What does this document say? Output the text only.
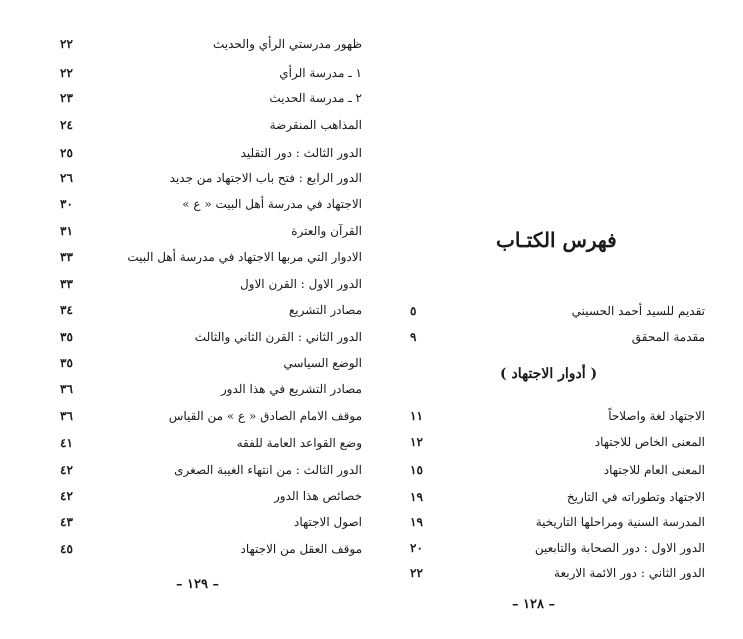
ظهور مدرستي الرأي والحديث
٢٢
١ ـ مدرسة الرأي
٢٢
٢ ـ مدرسة الحديث
٢٣
المذاهب المنقرضة
٢٤
الدور الثالث : دور التقليد
٢٥
الدور الرابع : فتح باب الاجتهاد من جديد
٢٦
الاجتهاد في مدرسة أهل البيت « ع »
٣٠
القرآن والعترة
٣١
الادوار التي مربها الاجتهاد في مدرسة أهل البيت
٣٣
الدور الاول : القرن الاول
٣٣
مصادر التشريع
٣٤
الدور الثاني : القرن الثاني والثالث
٣٥
الوضع السياسي
٣٥
مصادر التشريع في هذا الدور
٣٦
موقف الامام الصادق « ع » من القياس
٣٦
وضع القواعد العامة للفقه
٤١
الدور الثالث : من انتهاء الغيبة الصغرى
٤٢
خصائص هذا الدور
٤٢
اصول الاجتهاد
٤٣
موقف العقل من الاجتهاد
٤٥
– ١٢٩ –
فهرس الكتـاب
تقديم للسيد أحمد الحسيني
٥
مقدمة المحقق
٩
( أدوار الاجتهاد )
الاجتهاد لغة واصلاحاً
١١
المعنى الخاص للاجتهاد
١٢
المعنى العام للاجتهاد
١٥
الاجتهاد وتطوراته في التاريخ
١٩
المدرسة السنية ومراحلها التاريخية
١٩
الدور الاول : دور الصحابة والتابعين
٢٠
الدور الثاني : دور الائمة الاربعة
٢٢
– ١٢٨ –
